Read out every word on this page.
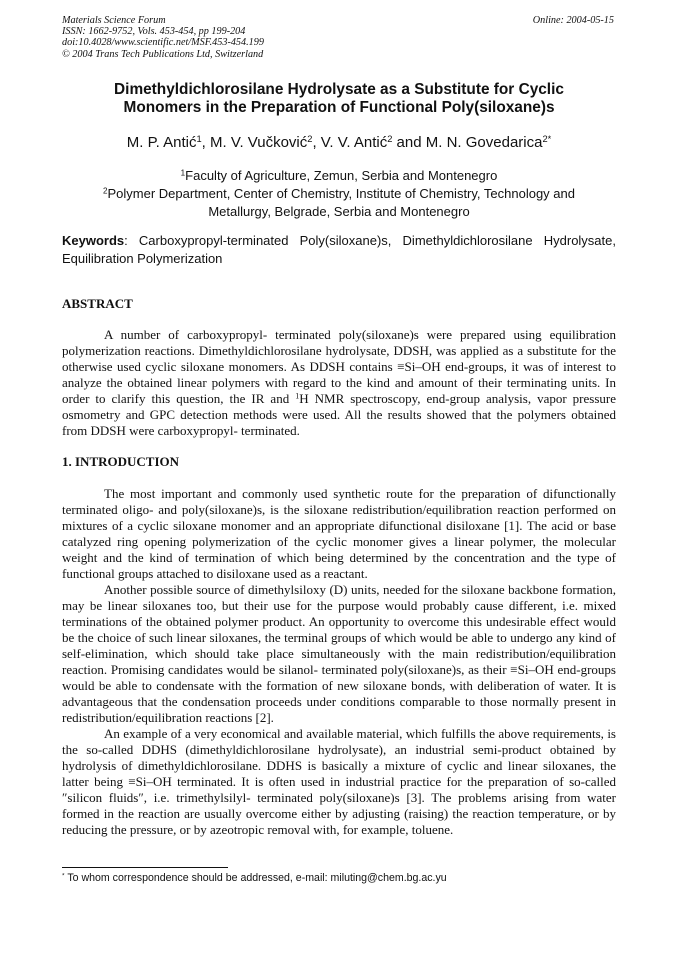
Materials Science Forum
ISSN: 1662-9752, Vols. 453-454, pp 199-204
doi:10.4028/www.scientific.net/MSF.453-454.199
© 2004 Trans Tech Publications Ltd, Switzerland
Online: 2004-05-15
Dimethyldichlorosilane Hydrolysate as a Substitute for Cyclic
Monomers in the Preparation of Functional Poly(siloxane)s
M. P. Antić$^1$, M. V. Vučković$^2$, V. V. Antić$^2$ and M. N. Govedarica$^{2*}$
$^1$Faculty of Agriculture, Zemun, Serbia and Montenegro
$^2$Polymer Department, Center of Chemistry, Institute of Chemistry, Technology and
Metallurgy, Belgrade, Serbia and Montenegro
Keywords: Carboxypropyl-terminated Poly(siloxane)s, Dimethyldichlorosilane Hydrolysate, Equilibration Polymerization
ABSTRACT

A number of carboxypropyl- terminated poly(siloxane)s were prepared using equilibration polymerization reactions. Dimethyldichlorosilane hydrolysate, DDSH, was applied as a substitute for the otherwise used cyclic siloxane monomers. As DDSH contains ≡Si–OH end-groups, it was of interest to analyze the obtained linear polymers with regard to the kind and amount of their terminating units. In order to clarify this question, the IR and $^1$H NMR spectroscopy, end-group analysis, vapor pressure osmometry and GPC detection methods were used. All the results showed that the polymers obtained from DDSH were carboxypropyl- terminated.

1. INTRODUCTION

The most important and commonly used synthetic route for the preparation of difunctionally terminated oligo- and poly(siloxane)s, is the siloxane redistribution/equilibration reaction performed on mixtures of a cyclic siloxane monomer and an appropriate difunctional disiloxane [1]. The acid or base catalyzed ring opening polymerization of the cyclic monomer gives a linear polymer, the molecular weight and the kind of termination of which being determined by the concentration and the type of functional groups attached to disiloxane used as a reactant.

Another possible source of dimethylsiloxy (D) units, needed for the siloxane backbone formation, may be linear siloxanes too, but their use for the purpose would probably cause different, i.e. mixed terminations of the obtained polymer product. An opportunity to overcome this undesirable effect would be the choice of such linear siloxanes, the terminal groups of which would be able to undergo any kind of self-elimination, which should take place simultaneously with the main redistribution/equilibration reaction. Promising candidates would be silanol- terminated poly(siloxane)s, as their ≡Si–OH end-groups would be able to condensate with the formation of new siloxane bonds, with deliberation of water. It is advantageous that the condensation proceeds under conditions comparable to those normally present in redistribution/equilibration reactions [2].

An example of a very economical and available material, which fulfills the above requirements, is the so-called DDHS (dimethyldichlorosilane hydrolysate), an industrial semi-product obtained by hydrolysis of dimethyldichlorosilane. DDHS is basically a mixture of cyclic and linear siloxanes, the latter being ≡Si–OH terminated. It is often used in industrial practice for the preparation of so-called ″silicon fluids″, i.e. trimethylsilyl- terminated poly(siloxane)s [3]. The problems arising from water formed in the reaction are usually overcome either by adjusting (raising) the reaction temperature, or by reducing the pressure, or by azeotropic removal with, for example, toluene.

* To whom correspondence should be addressed, e-mail: miluting@chem.bg.ac.yu
